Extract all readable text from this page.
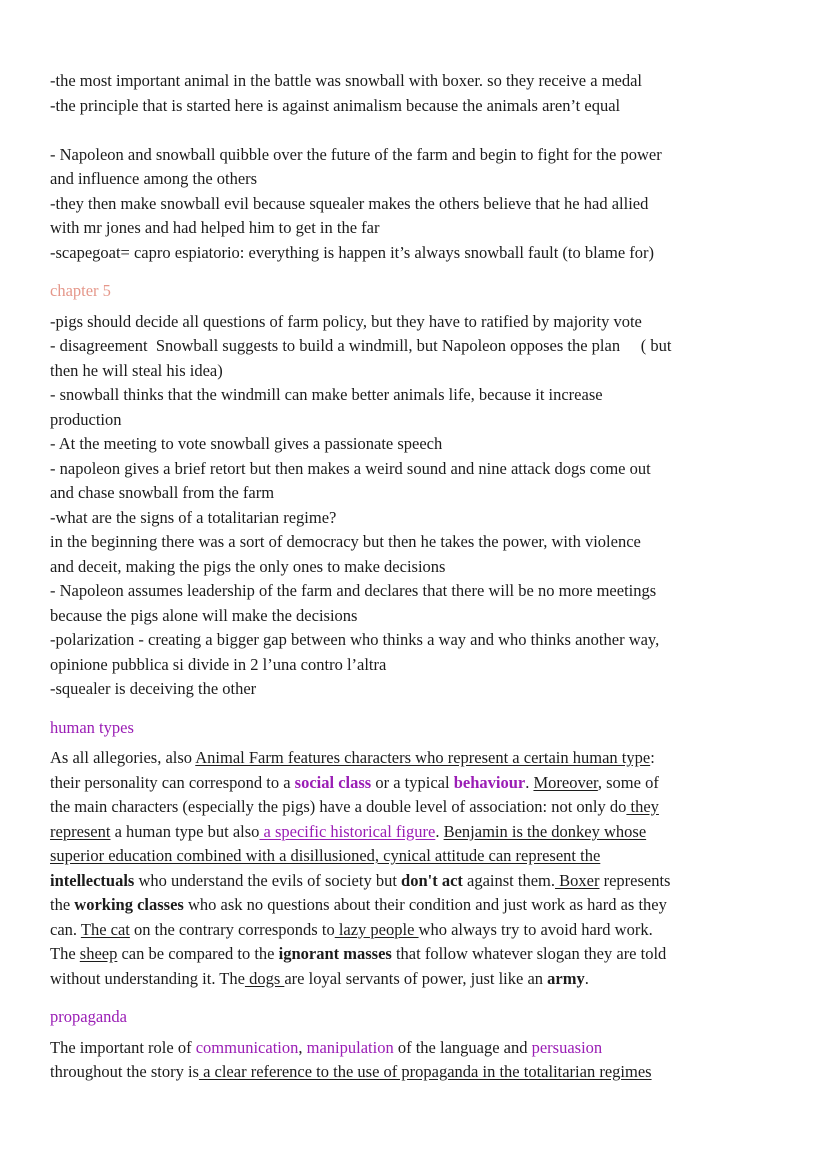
-the most important animal in the battle was snowball with boxer. so they receive a medal

-the principle that is started here is against animalism because the animals aren’t equal

- Napoleon and snowball quibble over the future of the farm and begin to fight for the power

and influence among the others

-they then make snowball evil because squealer makes the others believe that he had allied

with mr jones and had helped him to get in the far

-scapegoat= capro espiatorio: everything is happen it’s always snowball fault (to blame for)

chapter 5

-pigs should decide all questions of farm policy, but they have to ratified by majority vote

- disagreement  Snowball suggests to build a windmill, but Napoleon opposes the plan     ( but

then he will steal his idea)

- snowball thinks that the windmill can make better animals life, because it increase

production

- At the meeting to vote snowball gives a passionate speech

- napoleon gives a brief retort but then makes a weird sound and nine attack dogs come out

and chase snowball from the farm

-what are the signs of a totalitarian regime?

in the beginning there was a sort of democracy but then he takes the power, with violence

and deceit, making the pigs the only ones to make decisions

- Napoleon assumes leadership of the farm and declares that there will be no more meetings

because the pigs alone will make the decisions

-polarization - creating a bigger gap between who thinks a way and who thinks another way,

opinione pubblica si divide in 2 l’una contro l’altra

-squealer is deceiving the other

human types

As all allegories, also Animal Farm features characters who represent a certain human type:

their personality can correspond to a social class or a typical behaviour. Moreover, some of

the main characters (especially the pigs) have a double level of association: not only do they

represent a human type but also a specific historical figure. Benjamin is the donkey whose

superior education combined with a disillusioned, cynical attitude can represent the

intellectuals who understand the evils of society but don't act against them. Boxer represents

the working classes who ask no questions about their condition and just work as hard as they

can. The cat on the contrary corresponds to lazy people who always try to avoid hard work.

The sheep can be compared to the ignorant masses that follow whatever slogan they are told

without understanding it. The dogs are loyal servants of power, just like an army.

propaganda

The important role of communication, manipulation of the language and persuasion

throughout the story is a clear reference to the use of propaganda in the totalitarian regimes
